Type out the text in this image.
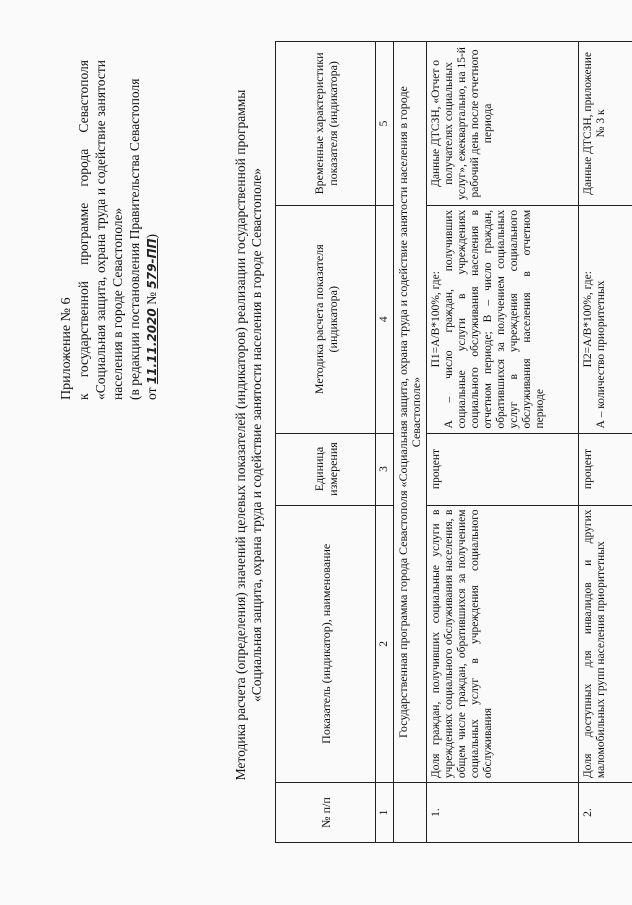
Приложение № 6 к государственной программе города Севастополя «Социальная защита, охрана труда и содействие занятости населения в городе Севастополе» (в редакции постановления Правительства Севастополя от 11.11.2020 № 579-ПП)	Методика расчета (определения) значений целевых показателей (индикаторов) реализации государственной программы «Социальная защита, охрана труда и содействие занятости населения в городе Севастополе»
№ п/п	Показатель (индикатор), наименование	Единица измерения	Методика расчета показателя (индикатора)	Временные характеристики показателя (индикатора)
1	2	3	4	5
	Государственная программа города Севастополя «Социальная защита, охрана труда и содействие занятости населения в городе Севастополе»			
1.	Доля граждан, получивших социальные услуги в учреждениях социального обслуживания населения, в общем числе граждан, обратившихся за получением социальных услуг в учреждения социального обслуживания	процент	П1=А/В*100%, где: А – число граждан, получивших социальные услуги в учреждениях социального обслуживания населения в отчетном периоде; В – число граждан, обратившихся за получением социальных услуг в учреждения социального обслуживания населения в отчетном периоде	Данные ДТСЗН, «Отчет о получателях социальных услуг», ежеквартально, на 15-й рабочий день после отчетного периода
2.	Доля доступных для инвалидов и других маломобильных групп населения приоритетных	процент	П2=А/В*100%, где: А – количество приоритетных	Данные ДТСЗН, приложение № 3 к
